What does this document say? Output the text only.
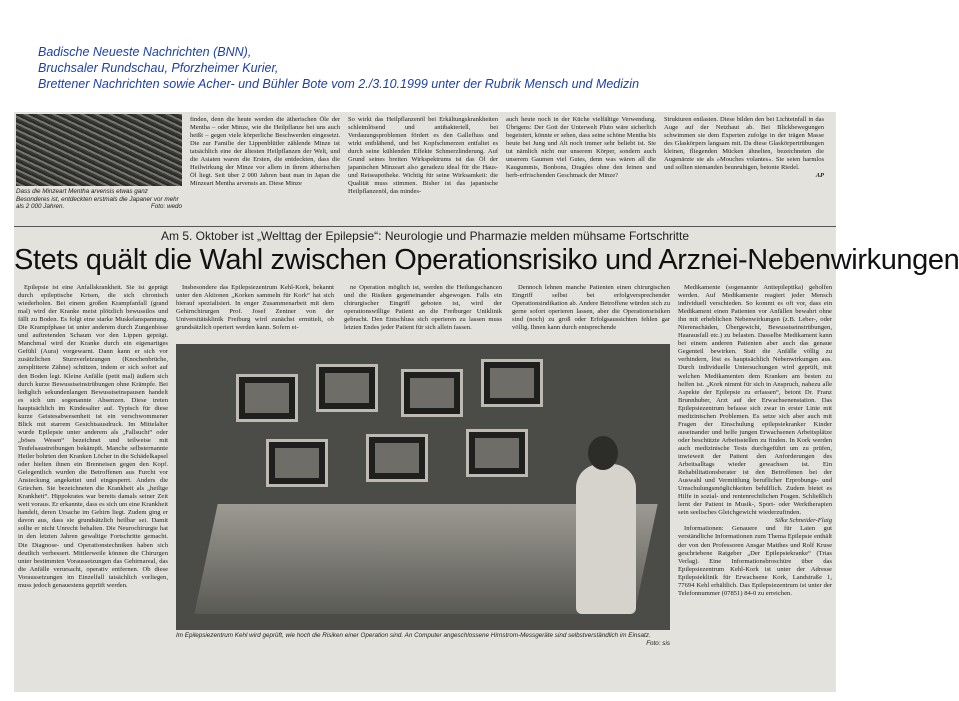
Badische Neueste Nachrichten (BNN),
Bruchsaler Rundschau, Pforzheimer Kurier,
Brettener Nachrichten sowie Acher- und Bühler Bote vom 2./3.10.1999 unter der Rubrik Mensch und Medizin
Dass die Minzeart Mentha arvensis etwas ganz Besonderes ist, entdeckten erstmals die Japaner vor mehr als 2 000 Jahren.	Foto: wedo
finden, denn die heute werden die ätherischen Öle der Mentha – oder Minze, wie die Heilpflanze bei uns auch heißt – gegen viele körperliche Beschwerden eingesetzt. Die zur Familie der Lippenblütler zählende Minze ist tatsächlich eine der ältesten Heilpflanzen der Welt, und die Asiaten waren die Ersten, die entdeckten, dass die Heilwirkung der Minze vor allem in ihrem ätherischen Öl liegt. Seit über 2 000 Jahren baut man in Japan die Minzeart Mentha arvensis an. Diese Minze
So wirkt das Heilpflanzenöl bei Erkältungskrankheiten schleimlösend und antibakteriell, bei Verdauungsproblemen fördert es den Gallefluss und wirkt entblähend, und bei Kopfschmerzen entfaltet es durch seine kühlenden Effekte Schmerzlinderung. Auf Grund seines breiten Wirkspektrums ist das Öl der japanischen Minzeart also geradezu ideal für die Haus- und Reiseapotheke. Wichtig für seine Wirksamkeit: die Qualität muss stimmen. Bisher ist das japanische Heilpflanzenöl, das mindes-
auch heute noch in der Küche vielfältige Verwendung. Übrigens: Der Gott der Unterwelt Pluto wäre sicherlich begeistert, könnte er sehen, dass seine schöne Mentha bis heute bei Jung und Alt noch immer sehr beliebt ist. Sie tut nämlich nicht nur unserem Körper, sondern auch unserem Gaumen viel Gutes, denn was wären all die Kaugummis, Bonbons, Dragées ohne den feinen und herb-erfrischenden Geschmack der Minze?
Strukturen entlasten. Diese bilden den bei Lichteinfall in das Auge auf der Netzhaut ab. Bei Blickbewegungen schwimmen sie dem Experten zufolge in der trägen Masse des Glaskörpers langsam mit. Da diese Glaskörpertrübungen kleinen, fliegenden Mücken ähnelten, bezeichneten die Augenärzte sie als »Mouches volantes«. Sie seien harmlos und sollten niemanden beunruhigen, betonte Riedel.
AP
Am 5. Oktober ist „Welttag der Epilepsie“: Neurologie und Pharmazie melden mühsame Fortschritte
Stets quält die Wahl zwischen Operationsrisiko und Arznei-Nebenwirkungen

Epilepsie ist eine Anfallskrankheit. Sie ist geprägt durch epileptische Krisen, die sich chronisch wiederholen. Bei einem großen Krampfanfall (grand mal) wird der Kranke meist plötzlich bewusstlos und fällt zu Boden. Es folgt eine starke Muskelanspannung. Die Krampfphase ist unter anderem durch Zungenbisse und auftretenden Schaum vor den Lippen geprägt. Manchmal wird der Kranke durch ein eigenartiges Gefühl (Aura) vorgewarnt. Dann kann er sich vor zusätzlichen Sturzverletzungen (Knochenbrüche, zersplitterte Zähne) schützen, indem er sich sofort auf den Boden legt. Kleine Anfälle (petit mal) äußern sich durch kurze Bewusstseinstrübungen ohne Krämpfe. Bei lediglich sekundenlangen Bewusstseinspausen handelt es sich um sogenannte Absenzen. Diese treten hauptsächlich im Kindesalter auf. Typisch für diese kurze Geistesabwesenheit ist ein verschwommener Blick mit starrem Gesichtsausdruck. Im Mittelalter wurde Epilepsie unter anderem als „Fallsucht“ oder „böses Wesen“ bezeichnet und teilweise mit Teufelsaustreibungen bekämpft. Manche selbsternannte Heiler bohrten den Kranken Löcher in die Schädelkapsel oder hielten ihnen ein Brenneisen gegen den Kopf. Gelegentlich wurden die Betroffenen aus Furcht vor Ansteckung angekettet und eingesperrt. Anders die Griechen. Sie bezeichneten die Krankheit als „heilige Krankheit“. Hippokrates war bereits damals seiner Zeit weit voraus. Er erkannte, dass es sich um eine Krankheit handelt, deren Ursache im Gehirn liegt. Zudem ging er davon aus, dass sie grundsätzlich heilbar sei. Damit sollte er nicht Unrecht behalten. Die Neurochirurgie hat in den letzten Jahren gewaltige Fortschritte gemacht. Die Diagnose- und Operationstechniken haben sich deutlich verbessert. Mittlerweile können die Chirurgen unter bestimmten Voraussetzungen das Gehirnareal, das die Anfälle verursacht, operativ entfernen. Ob diese Voraussetzungen im Einzelfall tatsächlich vorliegen, muss jedoch genauestens geprüft werden.

Insbesondere das Epilepsiezentrum Kehl-Kork, bekannt unter den Aktionen „Korken sammeln für Kork“ hat sich hierauf spezialisiert. In enger Zusammenarbeit mit dem Gehirnchirurgen Prof. Josef Zentner von der Universitätsklinik Freiburg wird zunächst ermittelt, ob grundsätzlich operiert werden kann. Sofern ei-

ne Operation möglich ist, werden die Heilungschancen und die Risiken gegeneinander abgewogen. Falls ein chirurgischer Eingriff geboten ist, wird der operationswillige Patient an die Freiburger Uniklinik gebracht. Den Entschluss sich operieren zu lassen muss letzten Endes jeder Patient für sich allein fassen.

Dennoch lehnen manche Patienten einen chirurgischen Eingriff selbst bei erfolgversprechender Operationsindikation ab. Andere Betroffene würden sich zu gerne sofort operieren lassen, aber die Operationsrisiken sind (noch) zu groß oder Erfolgsaussichten fehlen gar völlig. Ihnen kann durch entsprechende

Medikamente (sogenannte Antiepileptika) geholfen werden. Auf Medikamente reagiert jeder Mensch individuell verschieden. So kommt es oft vor, dass ein Medikament einen Patienten vor Anfällen bewahrt ohne ihn mit erheblichen Nebenwirkungen (z.B. Leber-, oder Nierenschäden, Übergewicht, Bewusstseinstrübungen, Haarausfall etc.) zu belasten. Dasselbe Medikament kann bei einem anderen Patienten aber auch das genaue Gegenteil bewirken. Statt die Anfälle völlig zu verhindern, löst es hauptsächlich Nebenwirkungen aus. Durch individuelle Untersuchungen wird geprüft, mit welchen Medikamenten dem Kranken am besten zu helfen ist. „Kork nimmt für sich in Anspruch, nahezu alle Aspekte der Epilepsie zu erfassen“, betont Dr. Franz Brunnhuber, Arzt auf der Erwachsenenstation. Das Epilepsiezentrum befasse sich zwar in erster Linie mit medizinischen Problemen. Es setze sich aber auch mit Fragen der Einschulung epilepsiekranker Kinder auseinander und helfe jungen Erwachsenen Arbeitsplätze oder beschützte Arbeitsstellen zu finden. In Kork werden auch medizinische Tests durchgeführt um zu prüfen, inwieweit der Patient den Anforderungen des Arbeitsalltags wieder gewachsen ist. Ein Rehabilitationsberater ist den Betroffenen bei der Auswahl und Vermittlung beruflicher Erprobungs- und Umschulungsmöglichkeiten behilflich. Zudem bietet es Hilfe in sozial- und rentenrechtlichen Fragen. Schließlich lernt der Patient in Musik-, Sport- oder Werktherapien sein seelisches Gleichgewicht wiederzufinden.

Silke Schneider-Flaig

Informationen: Genauere und für Laien gut verständliche Informationen zum Thema Epilepsie enthält der von den Professoren Ansgar Matthes und Rolf Kruse geschriebene Ratgeber „Der Epilepsiekranke“ (Trias Verlag). Eine Informationsbroschüre über das Epilepsiezentrum Kehl-Kork ist unter der Adresse Epilepsieklinik für Erwachsene Kork, Landstraße 1, 77694 Kehl erhältlich. Das Epilepsiezentrum ist unter der Telefonnummer (07851) 84-0 zu erreichen.

Im Epilepsiezentrum Kehl wird geprüft, wie hoch die Risiken einer Operation sind. An Computer angeschlossene Hirnstrom-Messgeräte sind selbstverständlich im Einsatz.
Foto: sis
